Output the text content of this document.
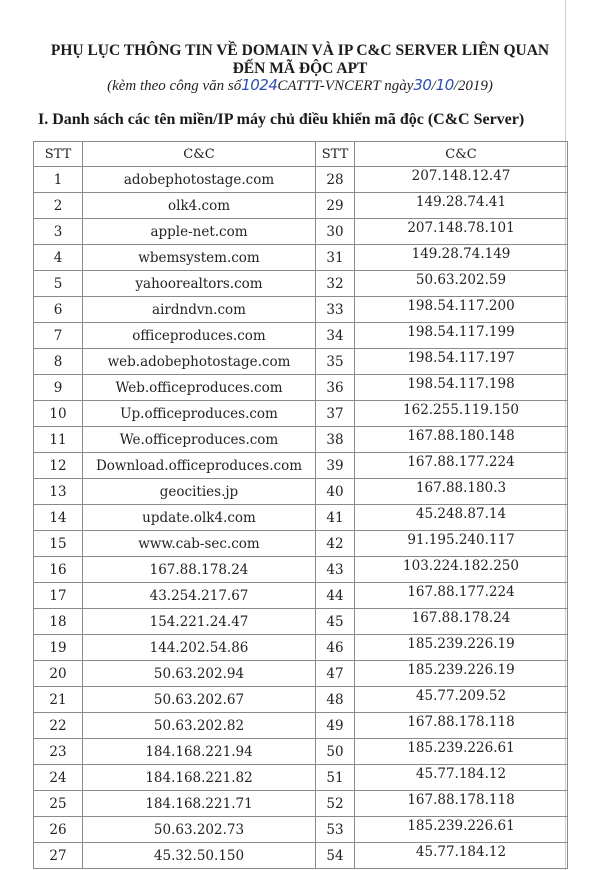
PHỤ LỤC THÔNG TIN VỀ DOMAIN VÀ IP C&C SERVER LIÊN QUAN
ĐẾN MÃ ĐỘC APT
(kèm theo công văn số1024CATTT-VNCERT ngày30/10/2019)
I. Danh sách các tên miền/IP máy chủ điều khiển mã độc (C&C Server)
STT	C&C	STT	C&C
1	adobephotostage.com	28	207.148.12.47
2	olk4.com	29	149.28.74.41
3	apple-net.com	30	207.148.78.101
4	wbemsystem.com	31	149.28.74.149
5	yahoorealtors.com	32	50.63.202.59
6	airdndvn.com	33	198.54.117.200
7	officeproduces.com	34	198.54.117.199
8	web.adobephotostage.com	35	198.54.117.197
9	Web.officeproduces.com	36	198.54.117.198
10	Up.officeproduces.com	37	162.255.119.150
11	We.officeproduces.com	38	167.88.180.148
12	Download.officeproduces.com	39	167.88.177.224
13	geocities.jp	40	167.88.180.3
14	update.olk4.com	41	45.248.87.14
15	www.cab-sec.com	42	91.195.240.117
16	167.88.178.24	43	103.224.182.250
17	43.254.217.67	44	167.88.177.224
18	154.221.24.47	45	167.88.178.24
19	144.202.54.86	46	185.239.226.19
20	50.63.202.94	47	185.239.226.19
21	50.63.202.67	48	45.77.209.52
22	50.63.202.82	49	167.88.178.118
23	184.168.221.94	50	185.239.226.61
24	184.168.221.82	51	45.77.184.12
25	184.168.221.71	52	167.88.178.118
26	50.63.202.73	53	185.239.226.61
27	45.32.50.150	54	45.77.184.12
